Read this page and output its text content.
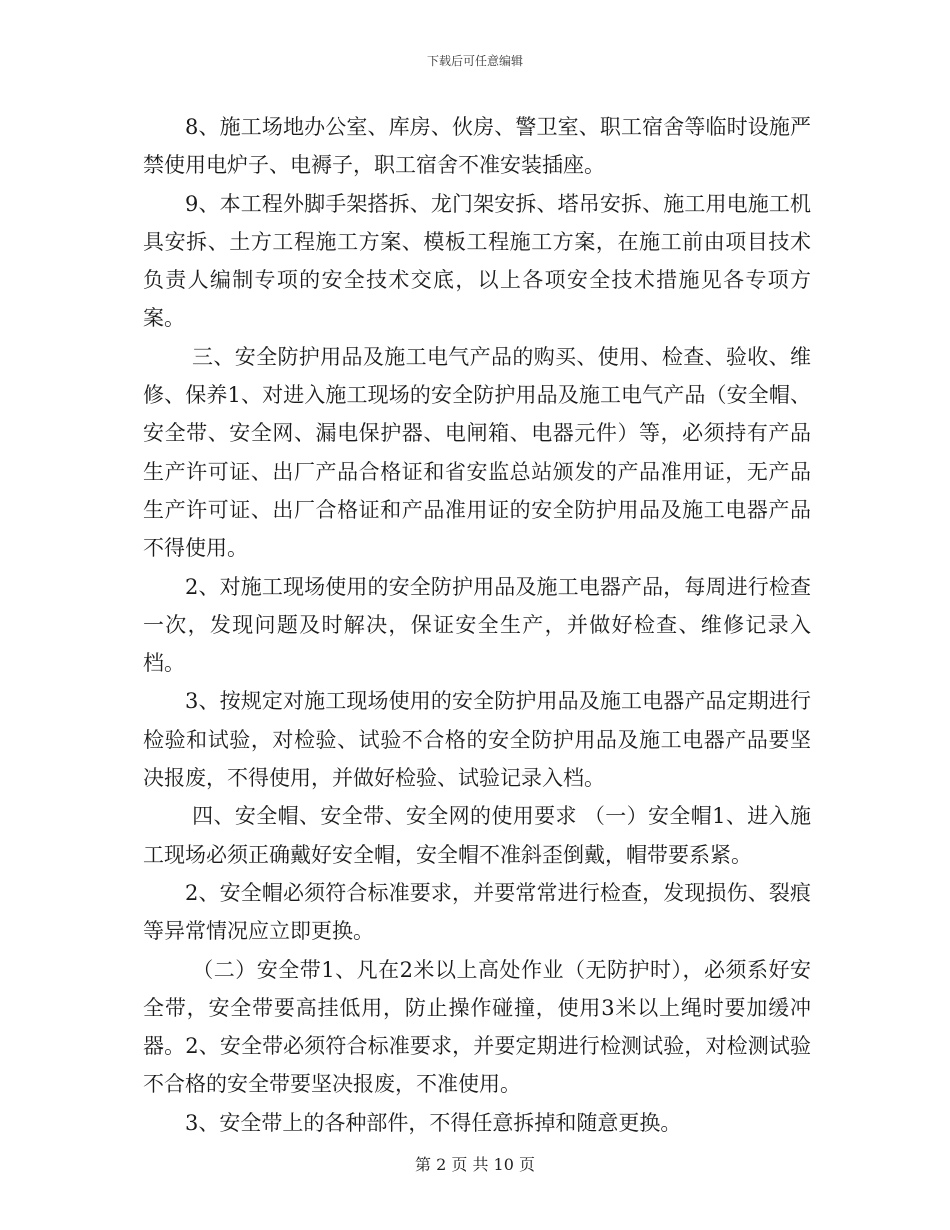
下载后可任意编辑

8、施工场地办公室、库房、伙房、警卫室、职工宿舍等临时设施严禁使用电炉子、电褥子，职工宿舍不准安装插座。

9、本工程外脚手架搭拆、龙门架安拆、塔吊安拆、施工用电施工机具安拆、土方工程施工方案、模板工程施工方案，在施工前由项目技术负责人编制专项的安全技术交底，以上各项安全技术措施见各专项方案。

三、安全防护用品及施工电气产品的购买、使用、检查、验收、维修、保养1、对进入施工现场的安全防护用品及施工电气产品（安全帽、安全带、安全网、漏电保护器、电闸箱、电器元件）等，必须持有产品生产许可证、出厂产品合格证和省安监总站颁发的产品准用证，无产品生产许可证、出厂合格证和产品准用证的安全防护用品及施工电器产品不得使用。

2、对施工现场使用的安全防护用品及施工电器产品，每周进行检查一次，发现问题及时解决，保证安全生产，并做好检查、维修记录入档。

3、按规定对施工现场使用的安全防护用品及施工电器产品定期进行检验和试验，对检验、试验不合格的安全防护用品及施工电器产品要坚决报废，不得使用，并做好检验、试验记录入档。

四、安全帽、安全带、安全网的使用要求 （一）安全帽1、进入施工现场必须正确戴好安全帽，安全帽不准斜歪倒戴，帽带要系紧。

2、安全帽必须符合标准要求，并要常常进行检查，发现损伤、裂痕等异常情况应立即更换。

（二）安全带1、凡在2米以上高处作业（无防护时），必须系好安全带，安全带要高挂低用，防止操作碰撞，使用3米以上绳时要加缓冲器。2、安全带必须符合标准要求，并要定期进行检测试验，对检测试验不合格的安全带要坚决报废，不准使用。

3、安全带上的各种部件，不得任意拆掉和随意更换。

第 2 页 共 10 页
